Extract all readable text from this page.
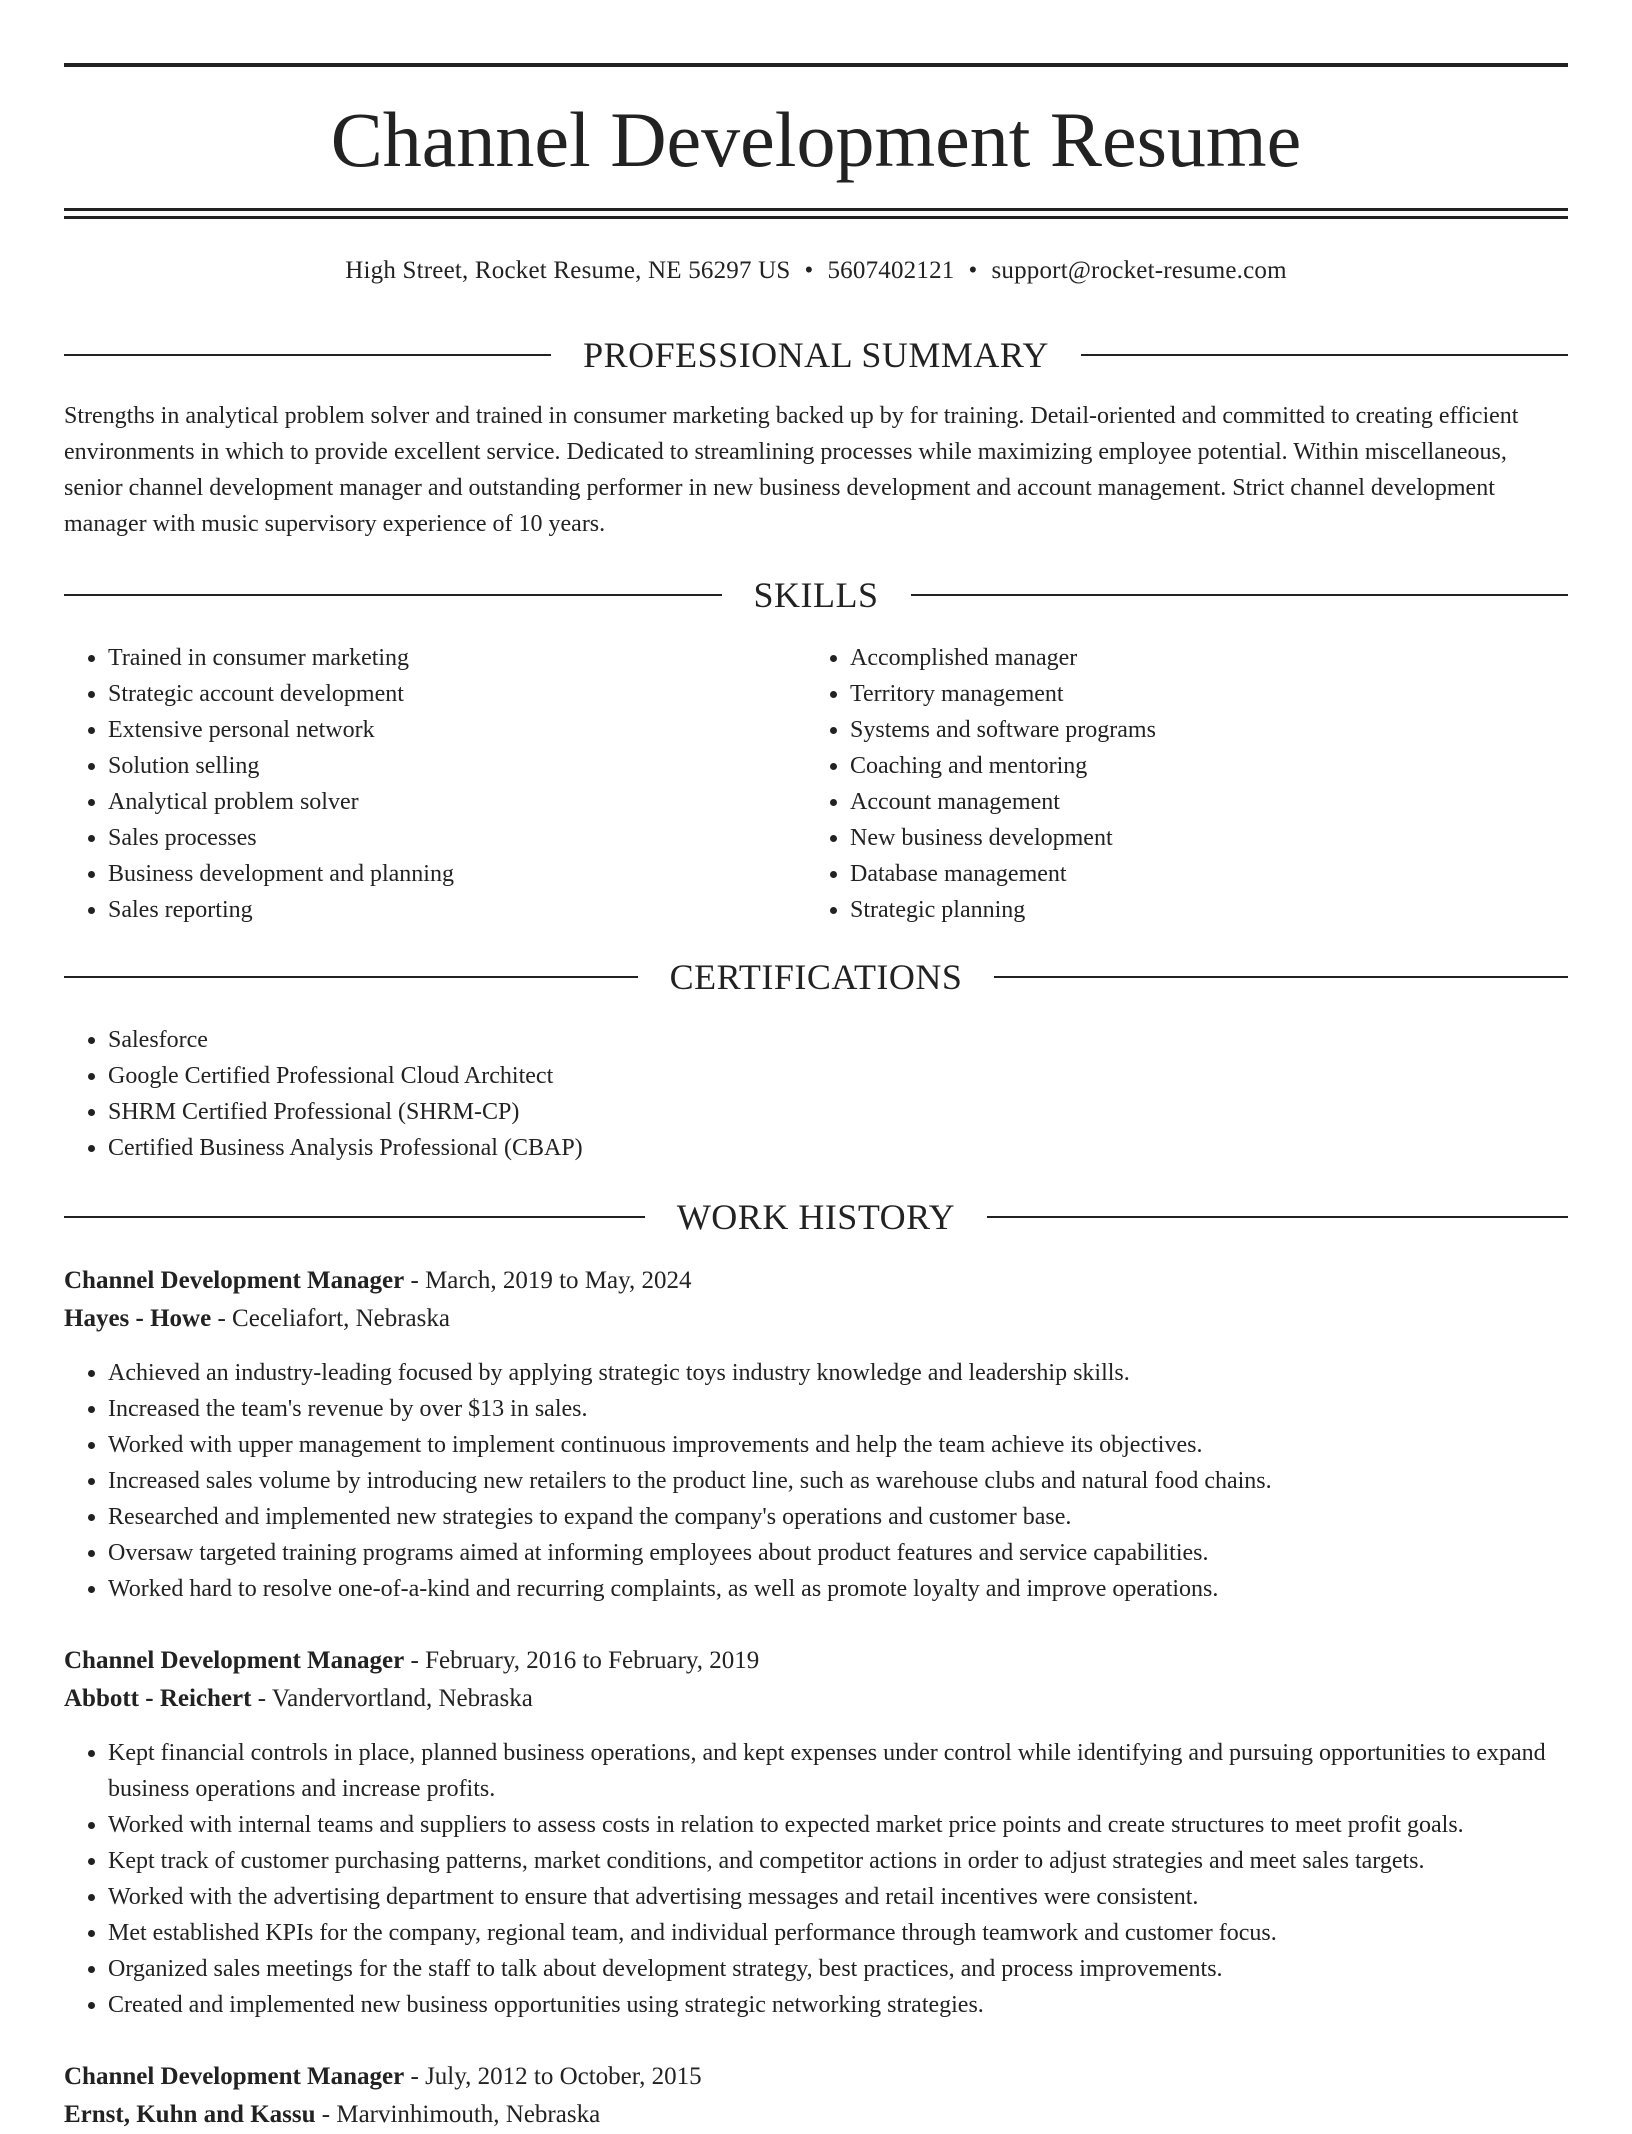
Channel Development Resume
High Street, Rocket Resume, NE 56297 US • 5607402121 • support@rocket-resume.com
PROFESSIONAL SUMMARY

Strengths in analytical problem solver and trained in consumer marketing backed up by for training. Detail-oriented and committed to creating efficient environments in which to provide excellent service. Dedicated to streamlining processes while maximizing employee potential. Within miscellaneous, senior channel development manager and outstanding performer in new business development and account management. Strict channel development manager with music supervisory experience of 10 years.

SKILLS
• Trained in consumer marketing
• Strategic account development
• Extensive personal network
• Solution selling
• Analytical problem solver
• Sales processes
• Business development and planning
• Sales reporting
• Accomplished manager
• Territory management
• Systems and software programs
• Coaching and mentoring
• Account management
• New business development
• Database management
• Strategic planning
CERTIFICATIONS
• Salesforce
• Google Certified Professional Cloud Architect
• SHRM Certified Professional (SHRM-CP)
• Certified Business Analysis Professional (CBAP)
WORK HISTORY
Channel Development Manager - March, 2019 to May, 2024
Hayes - Howe - Ceceliafort, Nebraska
• Achieved an industry-leading focused by applying strategic toys industry knowledge and leadership skills.
• Increased the team's revenue by over $13 in sales.
• Worked with upper management to implement continuous improvements and help the team achieve its objectives.
• Increased sales volume by introducing new retailers to the product line, such as warehouse clubs and natural food chains.
• Researched and implemented new strategies to expand the company's operations and customer base.
• Oversaw targeted training programs aimed at informing employees about product features and service capabilities.
• Worked hard to resolve one-of-a-kind and recurring complaints, as well as promote loyalty and improve operations.
Channel Development Manager - February, 2016 to February, 2019
Abbott - Reichert - Vandervortland, Nebraska
• Kept financial controls in place, planned business operations, and kept expenses under control while identifying and pursuing opportunities to expand business operations and increase profits.
• Worked with internal teams and suppliers to assess costs in relation to expected market price points and create structures to meet profit goals.
• Kept track of customer purchasing patterns, market conditions, and competitor actions in order to adjust strategies and meet sales targets.
• Worked with the advertising department to ensure that advertising messages and retail incentives were consistent.
• Met established KPIs for the company, regional team, and individual performance through teamwork and customer focus.
• Organized sales meetings for the staff to talk about development strategy, best practices, and process improvements.
• Created and implemented new business opportunities using strategic networking strategies.
Channel Development Manager - July, 2012 to October, 2015
Ernst, Kuhn and Kassu - Marvinhimouth, Nebraska
